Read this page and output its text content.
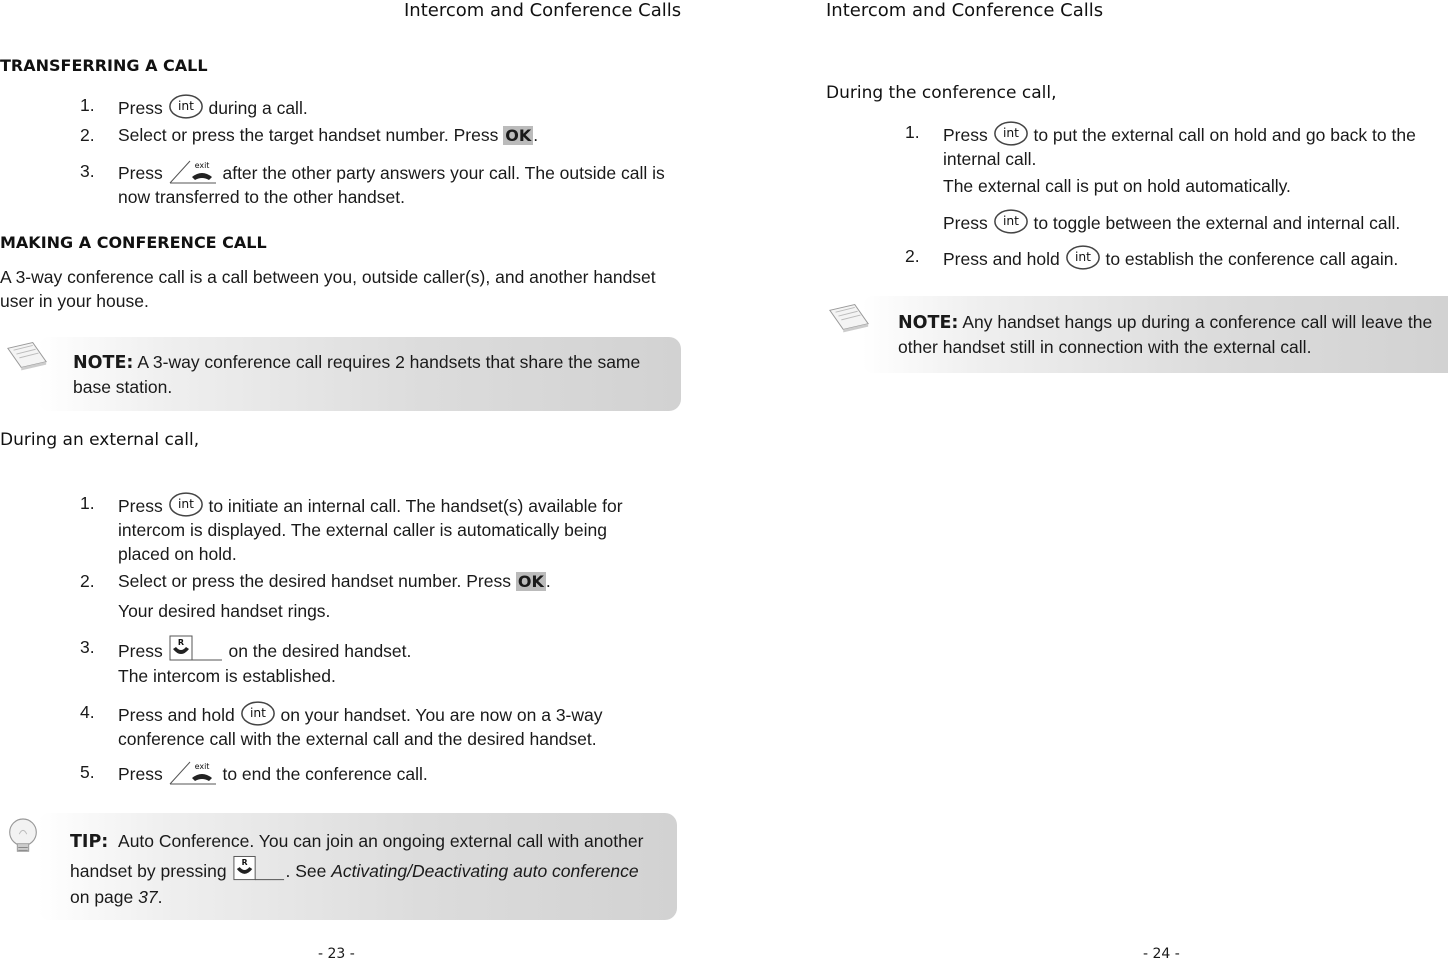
Intercom and Conference Calls
TRANSFERRING A CALL
1. Press  during a call.
2. Select or press the target handset number. Press OK .
3. Press	after the other party answers your call. The outside call is now transferred to the other handset.
MAKING A CONFERENCE CALL
A 3-way conference call is a call between you, outside caller(s), and another handset user in your house.
NOTE: A 3-way conference call requires 2 handsets that share the same base station.
During an external call,
1. Press  to initiate an internal call. The handset(s) available for intercom is displayed. The external caller is automatically being placed on hold.
2. Select or press the desired handset number. Press OK .
Your desired handset rings.
3. Press	on the desired handset.
The intercom is established.
4. Press and hold  on your handset. You are now on a 3-way conference call with the external call and the desired handset.
5. Press	to end the conference call.
TIP: Auto Conference. You can join an ongoing external call with another handset by pressing	. See Activating/Deactivating auto conference on page 37.
- 23 -
Intercom and Conference Calls
During the conference call,
1. Press  to put the external call on hold and go back to the internal call.
The external call is put on hold automatically.
Press  to toggle between the external and internal call.
2. Press and hold  to establish the conference call again.
NOTE: Any handset hangs up during a conference call will leave the other handset still in connection with the external call.
- 24 -
